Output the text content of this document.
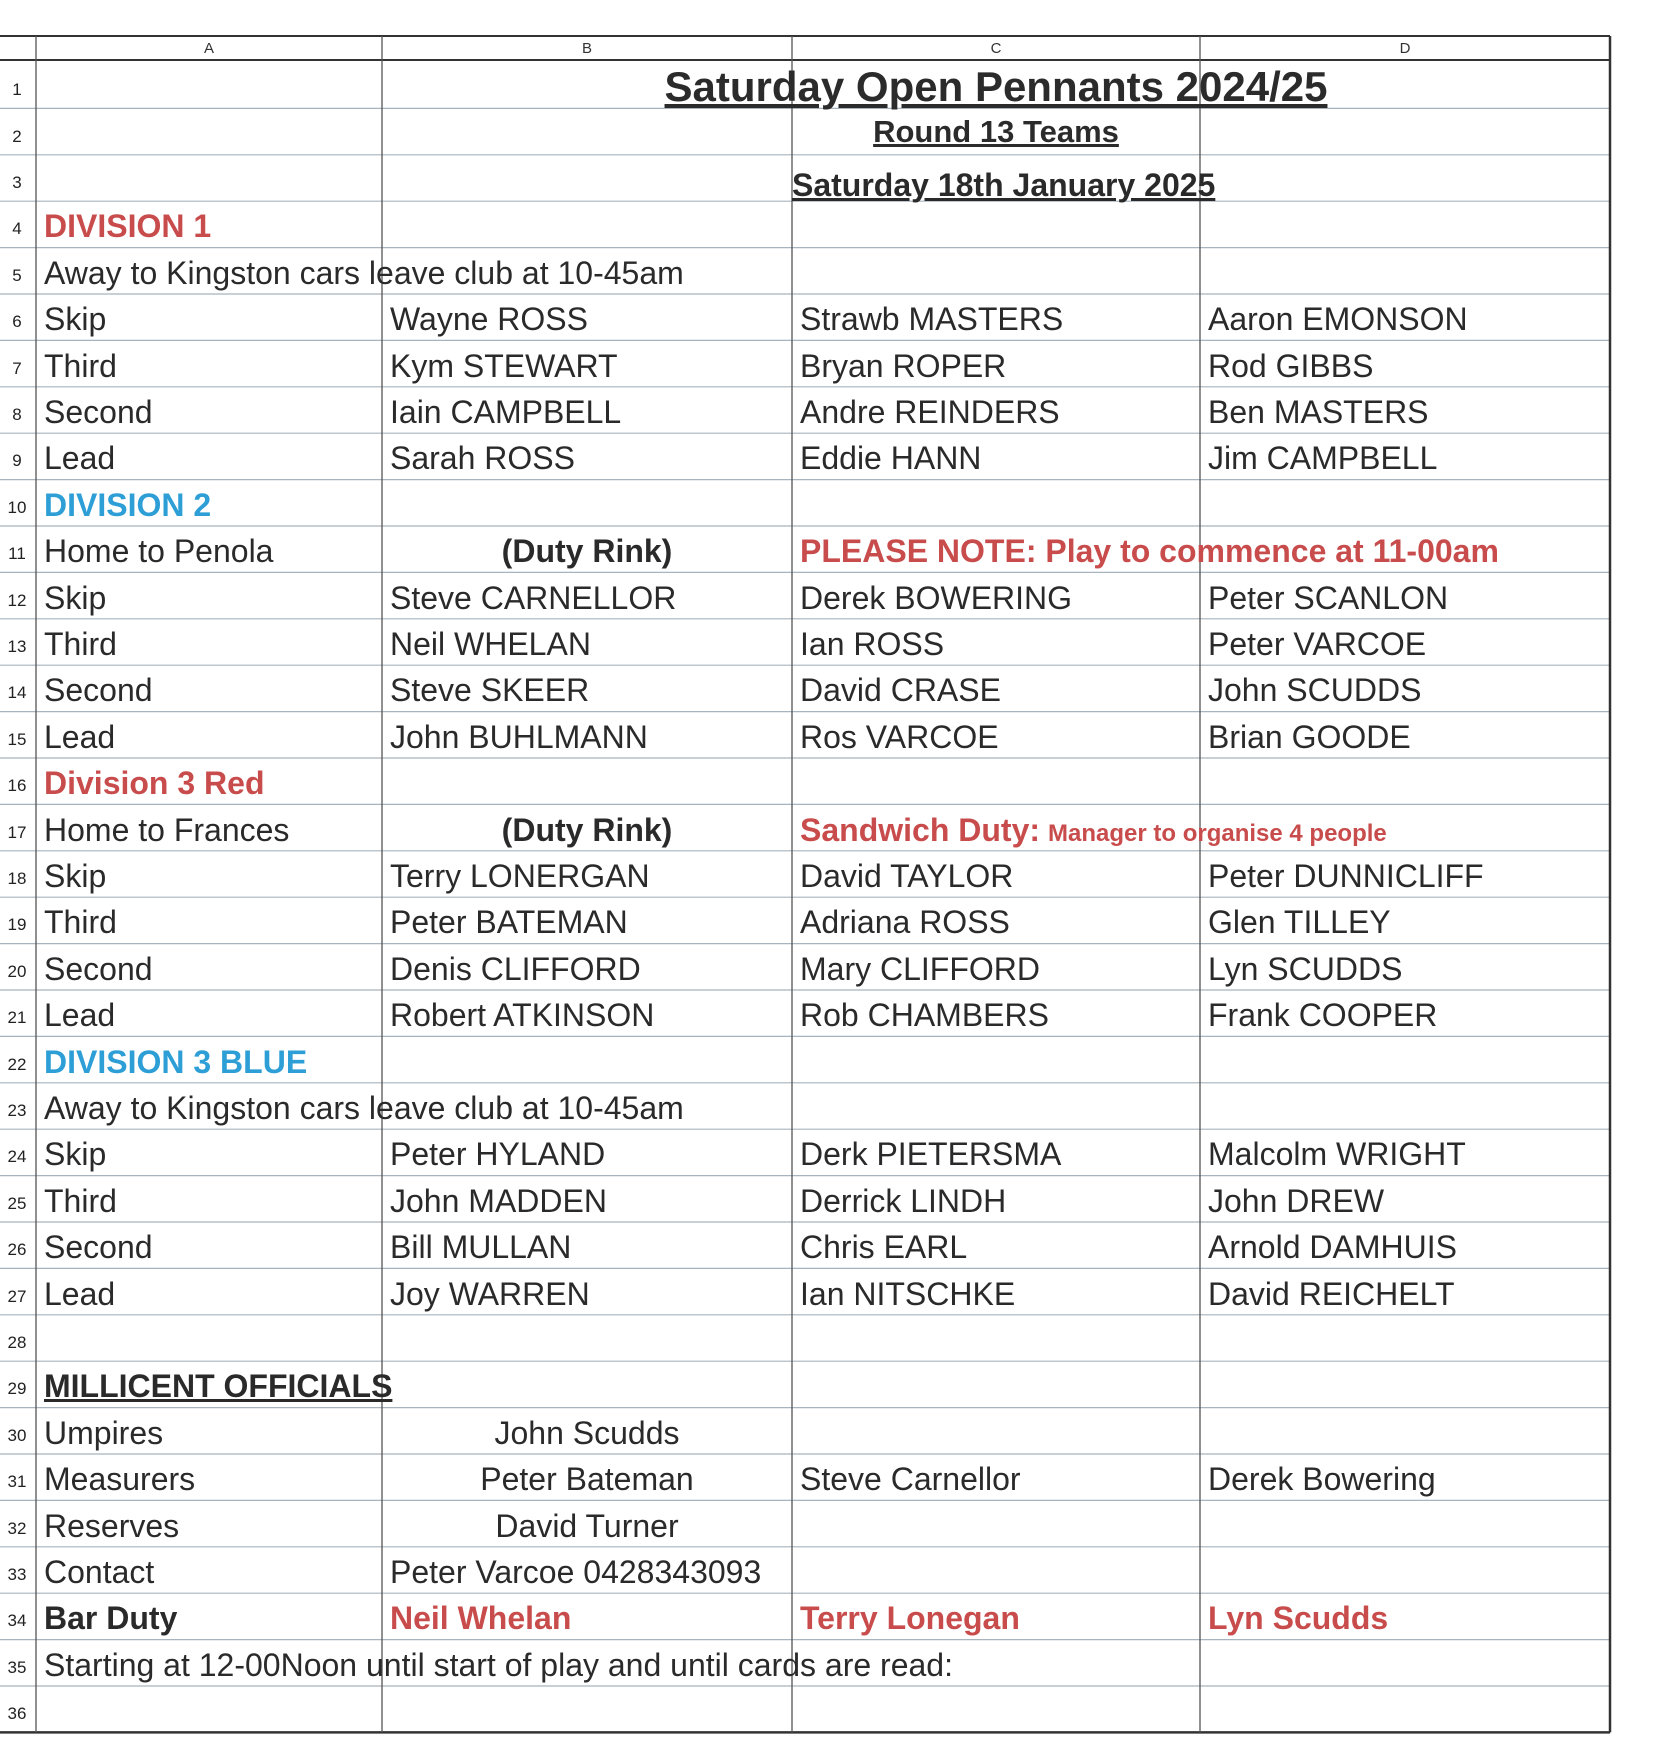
A	B	C	D
1
2
3
4
5
6
7
8
9
10
11
12
13
14
15
16
17
18
19
20
21
22
23
24
25
26
27
28
29
30
31
32
33
34
35
36
Saturday Open Pennants 2024/25
Round 13 Teams
Saturday 18th January 2025
DIVISION 1
Away to Kingston cars leave club at 10-45am
Skip	Wayne ROSS	Strawb MASTERS	Aaron EMONSON
Third	Kym STEWART	Bryan ROPER	Rod GIBBS
Second	Iain CAMPBELL	Andre REINDERS	Ben MASTERS
Lead	Sarah ROSS	Eddie HANN	Jim CAMPBELL
DIVISION 2
Home to Penola	(Duty Rink)	PLEASE NOTE: Play to commence at 11-00am
Skip	Steve CARNELLOR	Derek BOWERING	Peter SCANLON
Third	Neil WHELAN	Ian ROSS	Peter VARCOE
Second	Steve SKEER	David CRASE	John SCUDDS
Lead	John BUHLMANN	Ros VARCOE	Brian GOODE
Division 3 Red
Home to Frances	(Duty Rink)	Sandwich Duty: Manager to organise 4 people
Skip	Terry LONERGAN	David TAYLOR	Peter DUNNICLIFF
Third	Peter BATEMAN	Adriana ROSS	Glen TILLEY
Second	Denis CLIFFORD	Mary CLIFFORD	Lyn SCUDDS
Lead	Robert ATKINSON	Rob CHAMBERS	Frank COOPER
DIVISION 3 BLUE
Away to Kingston cars leave club at 10-45am
Skip	Peter HYLAND	Derk PIETERSMA	Malcolm WRIGHT
Third	John MADDEN	Derrick LINDH	John DREW
Second	Bill MULLAN	Chris EARL	Arnold DAMHUIS
Lead	Joy WARREN	Ian NITSCHKE	David REICHELT
MILLICENT OFFICIALS
Umpires	John Scudds
Measurers	Peter Bateman	Steve Carnellor	Derek Bowering
Reserves	David Turner
Contact	Peter Varcoe 0428343093
Bar Duty	Neil Whelan	Terry Lonegan	Lyn Scudds
Starting at 12-00Noon until start of play and until cards are read:
